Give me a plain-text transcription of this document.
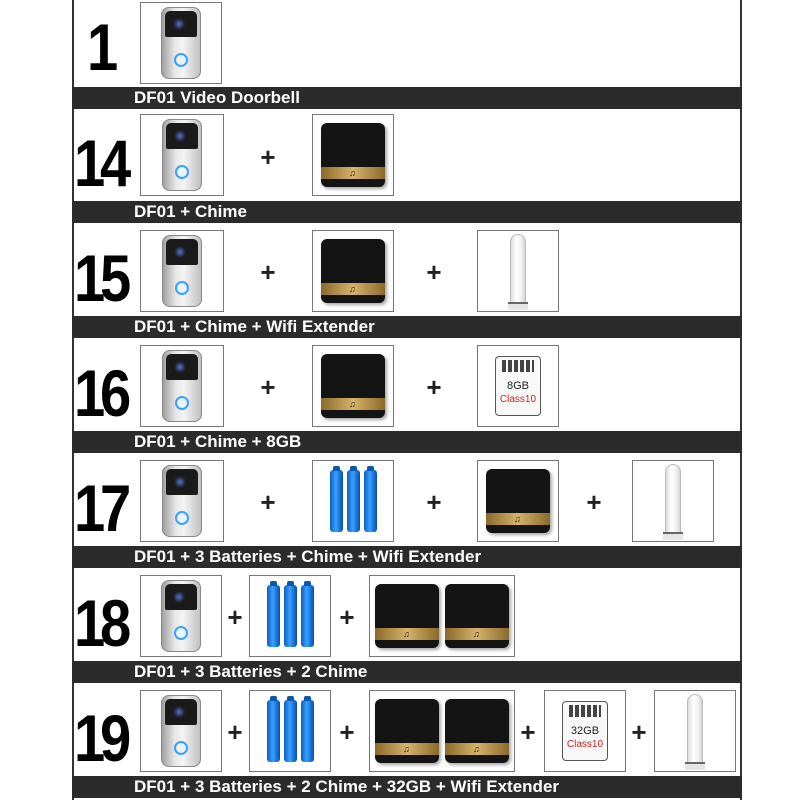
1
DF01 Video Doorbell
14	+
♫
DF01 + Chime
15	+
♫
+
DF01 + Chime + Wifi Extender
16	+
♫
+	8GB
Class10
DF01 + Chime + 8GB
17	+	+
♫
+
DF01 + 3 Batteries + Chime + Wifi Extender
18	+	+
♫	♫
DF01 + 3 Batteries + 2 Chime
19	+	+
♫	♫
+	32GB
Class10 +
DF01 + 3 Batteries + 2 Chime + 32GB + Wifi Extender
